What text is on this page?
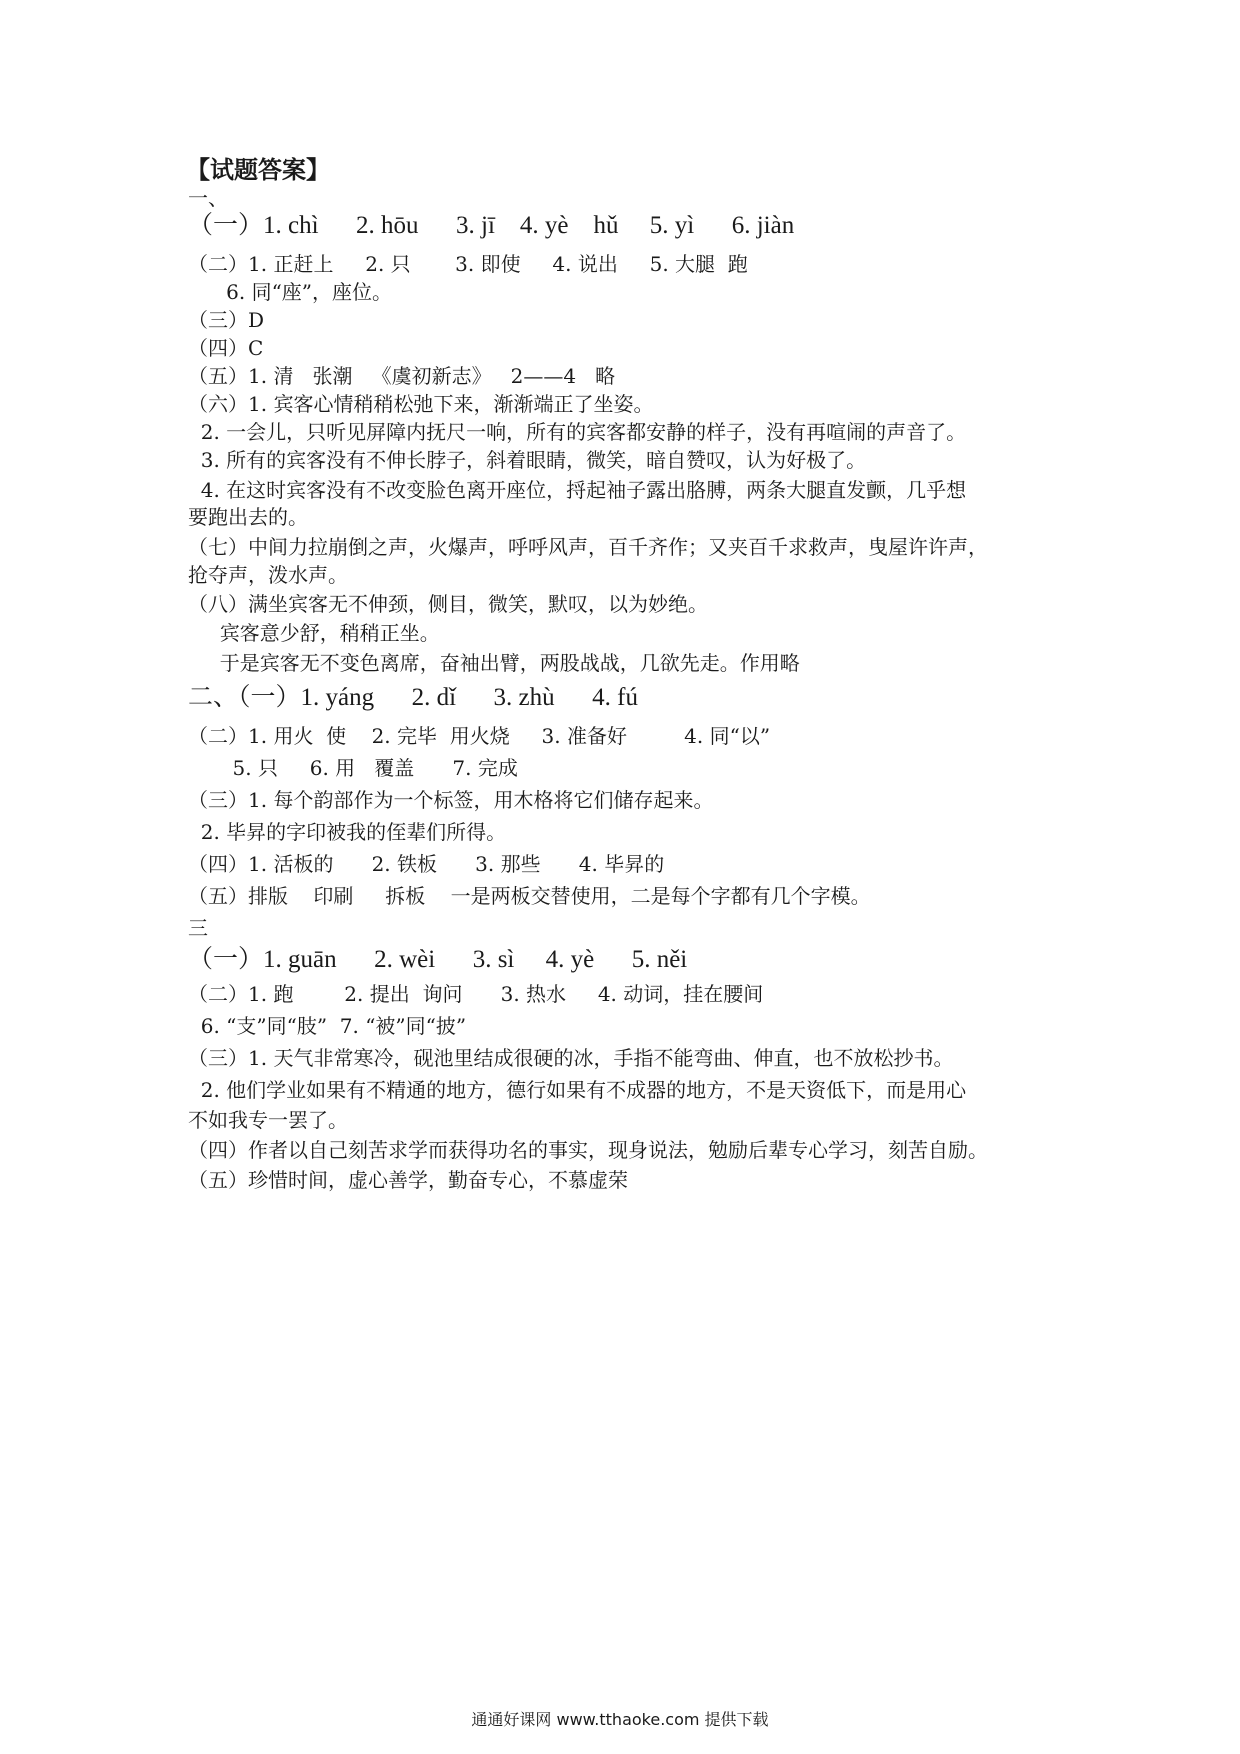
【试题答案】
一、
（一）1. chì      2. hōu      3. jī    4. yè    hǔ     5. yì      6. jiàn
（二）1. 正赶上     2. 只       3. 即使     4. 说出     5. 大腿  跑
6. 同“座”，座位。
（三）D
（四）C
（五）1. 清   张潮   《虞初新志》   2——4   略
（六）1. 宾客心情稍稍松弛下来，渐渐端正了坐姿。
2. 一会儿，只听见屏障内抚尺一响，所有的宾客都安静的样子，没有再喧闹的声音了。
3. 所有的宾客没有不伸长脖子，斜着眼睛，微笑，暗自赞叹，认为好极了。
4. 在这时宾客没有不改变脸色离开座位，捋起袖子露出胳膊，两条大腿直发颤，几乎想
要跑出去的。
（七）中间力拉崩倒之声，火爆声，呼呼风声，百千齐作；又夹百千求救声，曳屋许许声，
抢夺声，泼水声。
（八）满坐宾客无不伸颈，侧目，微笑，默叹，以为妙绝。
宾客意少舒，稍稍正坐。
于是宾客无不变色离席，奋袖出臂，两股战战，几欲先走。作用略
二、（一）1. yáng      2. dǐ      3. zhù      4. fú
（二）1. 用火  使    2. 完毕  用火烧     3. 准备好         4. 同“以”
5. 只     6. 用   覆盖      7. 完成
（三）1. 每个韵部作为一个标签，用木格将它们储存起来。
2. 毕昇的字印被我的侄辈们所得。
（四）1. 活板的      2. 铁板      3. 那些      4. 毕昇的
（五）排版    印刷     拆板    一是两板交替使用，二是每个字都有几个字模。
三
（一）1. guān      2. wèi      3. sì     4. yè      5. něi
（二）1. 跑        2. 提出  询问      3. 热水     4. 动词，挂在腰间
6. “支”同“肢”  7. “被”同“披”
（三）1. 天气非常寒冷，砚池里结成很硬的冰，手指不能弯曲、伸直，也不放松抄书。
2. 他们学业如果有不精通的地方，德行如果有不成器的地方，不是天资低下，而是用心
不如我专一罢了。
（四）作者以自己刻苦求学而获得功名的事实，现身说法，勉励后辈专心学习，刻苦自励。
（五）珍惜时间，虚心善学，勤奋专心，不慕虚荣
通通好课网 www.tthaoke.com 提供下载
